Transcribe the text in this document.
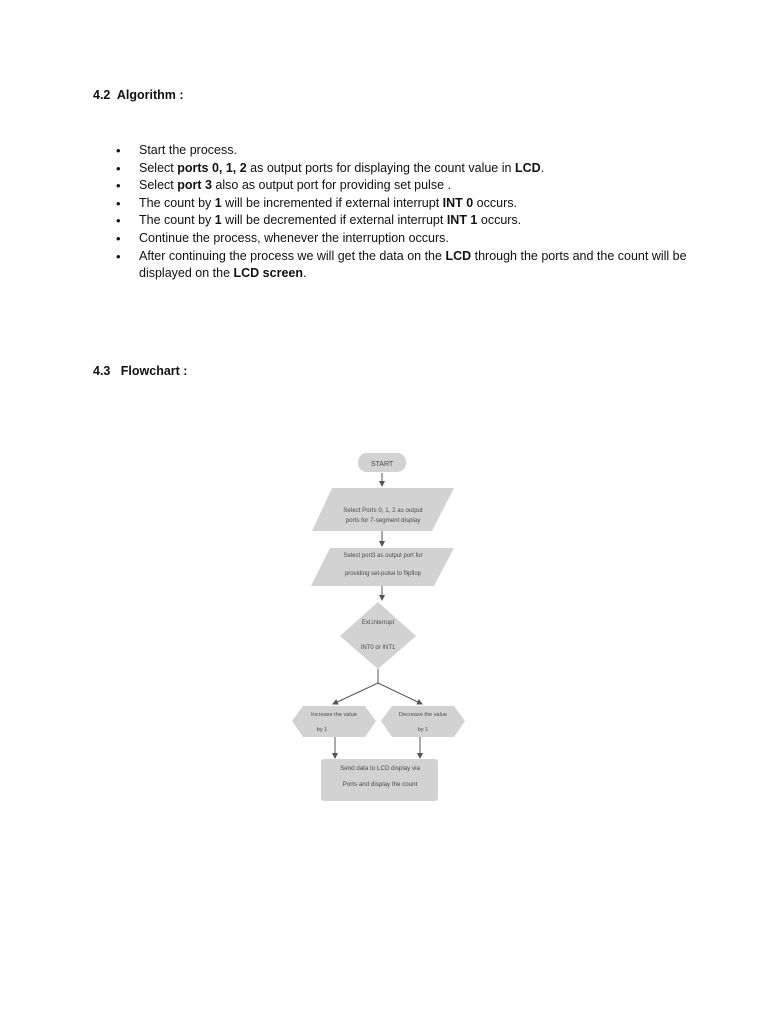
4.2  Algorithm :
• Start the process.
• Select ports 0, 1, 2 as output ports for displaying the count value in LCD.
• Select port 3 also as output port for providing set pulse .
• The count by 1 will be incremented if external interrupt INT 0 occurs.
• The count by 1 will be decremented if external interrupt INT 1 occurs.
• Continue the process, whenever the interruption occurs.
• After continuing the process we will get the data on the LCD through the ports and the count will be displayed on the LCD screen.
4.3   Flowchart :
START
Select Ports 0, 1, 2 as output
ports for 7-segment display
Select port3 as output port for
providing set-pulse to flipflop
Ext.interrupt
INT0 or INT1
Increase the value
by 1
Decrease the value
by 1
Send data to LCD display via
Ports and display the count
